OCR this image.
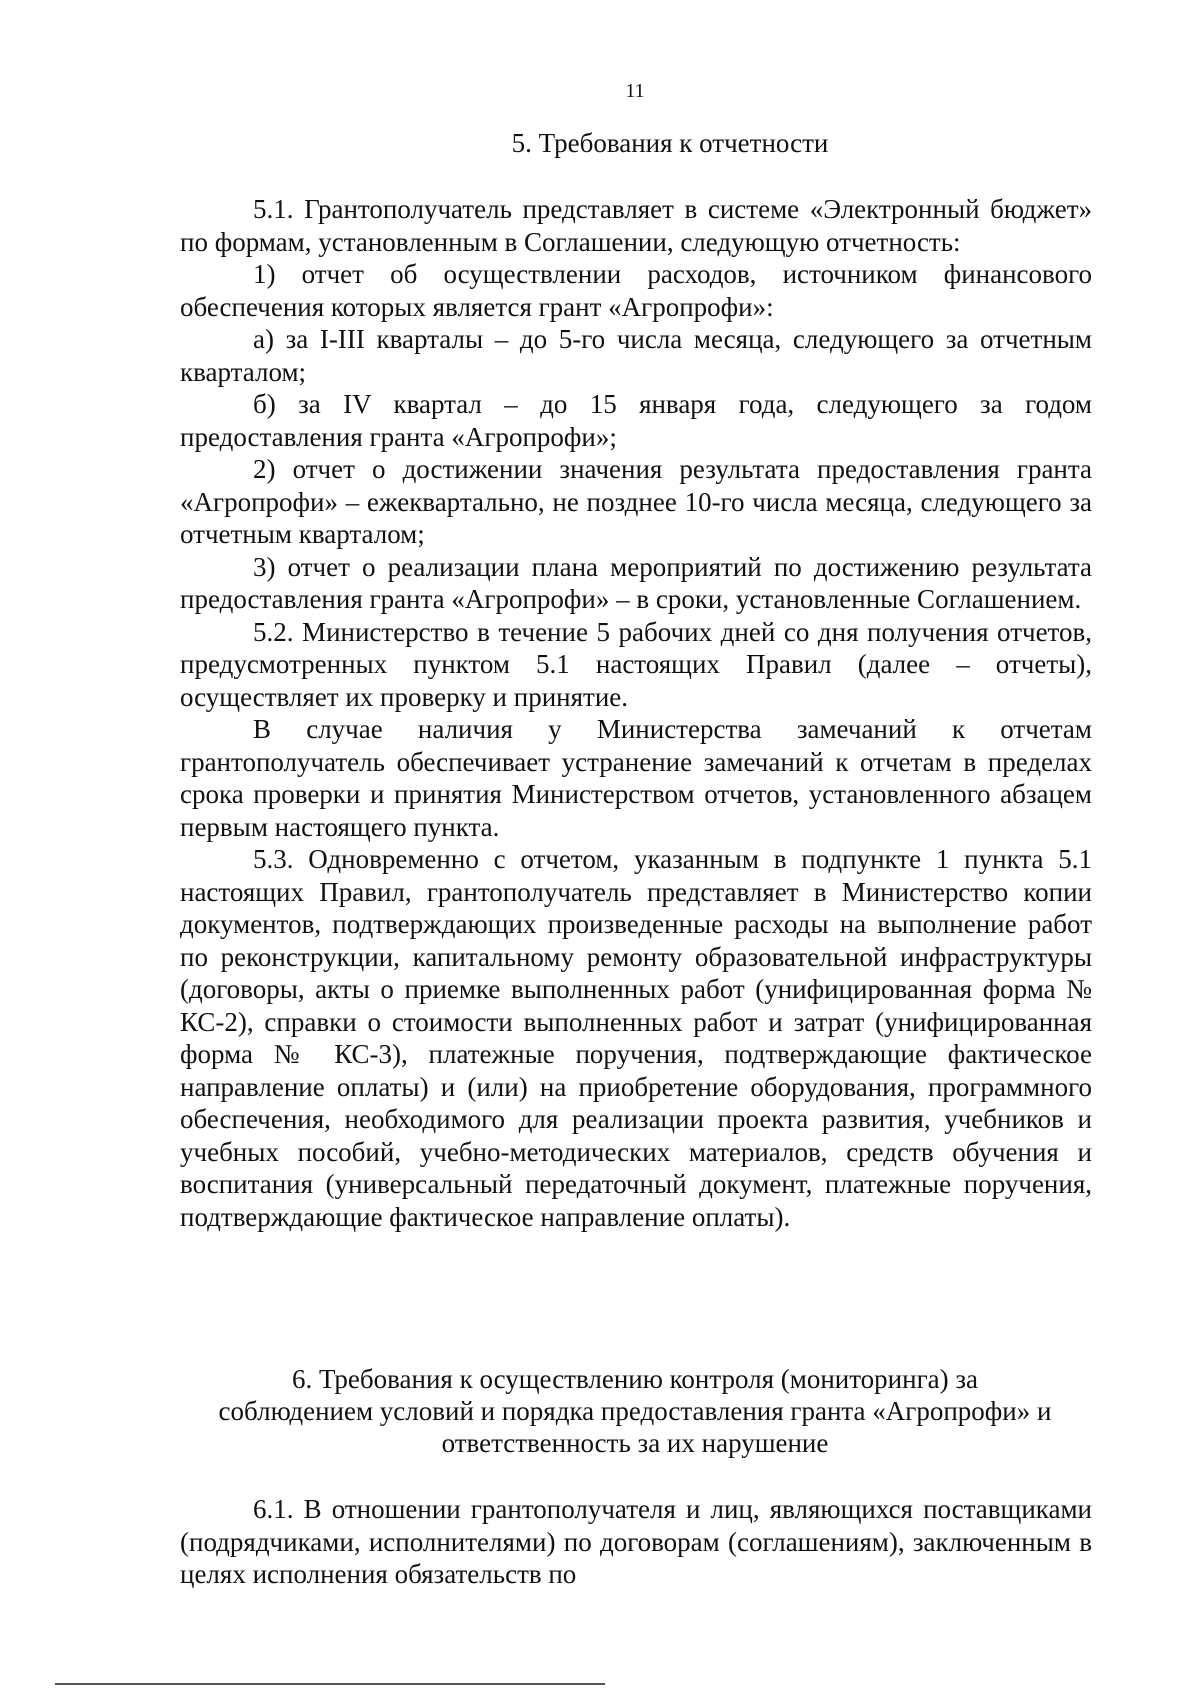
11
5. Требования к отчетности

5.1. Грантополучатель представляет в системе «Электронный бюджет» по формам, установленным в Соглашении, следующую отчетность:

1) отчет об осуществлении расходов, источником финансового обеспечения которых является грант «Агропрофи»:

а) за I-III кварталы – до 5-го числа месяца, следующего за отчетным кварталом;

б) за IV квартал – до 15 января года, следующего за годом предоставления гранта «Агропрофи»;

2) отчет о достижении значения результата предоставления гранта «Агропрофи» – ежеквартально, не позднее 10-го числа месяца, следующего за отчетным кварталом;

3) отчет о реализации плана мероприятий по достижению результата предоставления гранта «Агропрофи» – в сроки, установленные Соглашением.

5.2. Министерство в течение 5 рабочих дней со дня получения отчетов, предусмотренных пунктом 5.1 настоящих Правил (далее – отчеты), осуществляет их проверку и принятие.

В случае наличия у Министерства замечаний к отчетам грантополучатель обеспечивает устранение замечаний к отчетам в пределах срока проверки и принятия Министерством отчетов, установленного абзацем первым настоящего пункта.

5.3. Одновременно с отчетом, указанным в подпункте 1 пункта 5.1 настоящих Правил, грантополучатель представляет в Министерство копии документов, подтверждающих произведенные расходы на выполнение работ по реконструкции, капитальному ремонту образовательной инфраструктуры (договоры, акты о приемке выполненных работ (унифицированная форма № КС-2), справки о стоимости выполненных работ и затрат (унифицированная форма № КС-3), платежные поручения, подтверждающие фактическое направление оплаты) и (или) на приобретение оборудования, программного обеспечения, необходимого для реализации проекта развития, учебников и учебных пособий, учебно-методических материалов, средств обучения и воспитания (универсальный передаточный документ, платежные поручения, подтверждающие фактическое направление оплаты).

6. Требования к осуществлению контроля (мониторинга) за
соблюдением условий и порядка предоставления гранта «Агропрофи» и
ответственность за их нарушение

6.1. В отношении грантополучателя и лиц, являющихся поставщиками (подрядчиками, исполнителями) по договорам (соглашениям), заключенным в целях исполнения обязательств по
